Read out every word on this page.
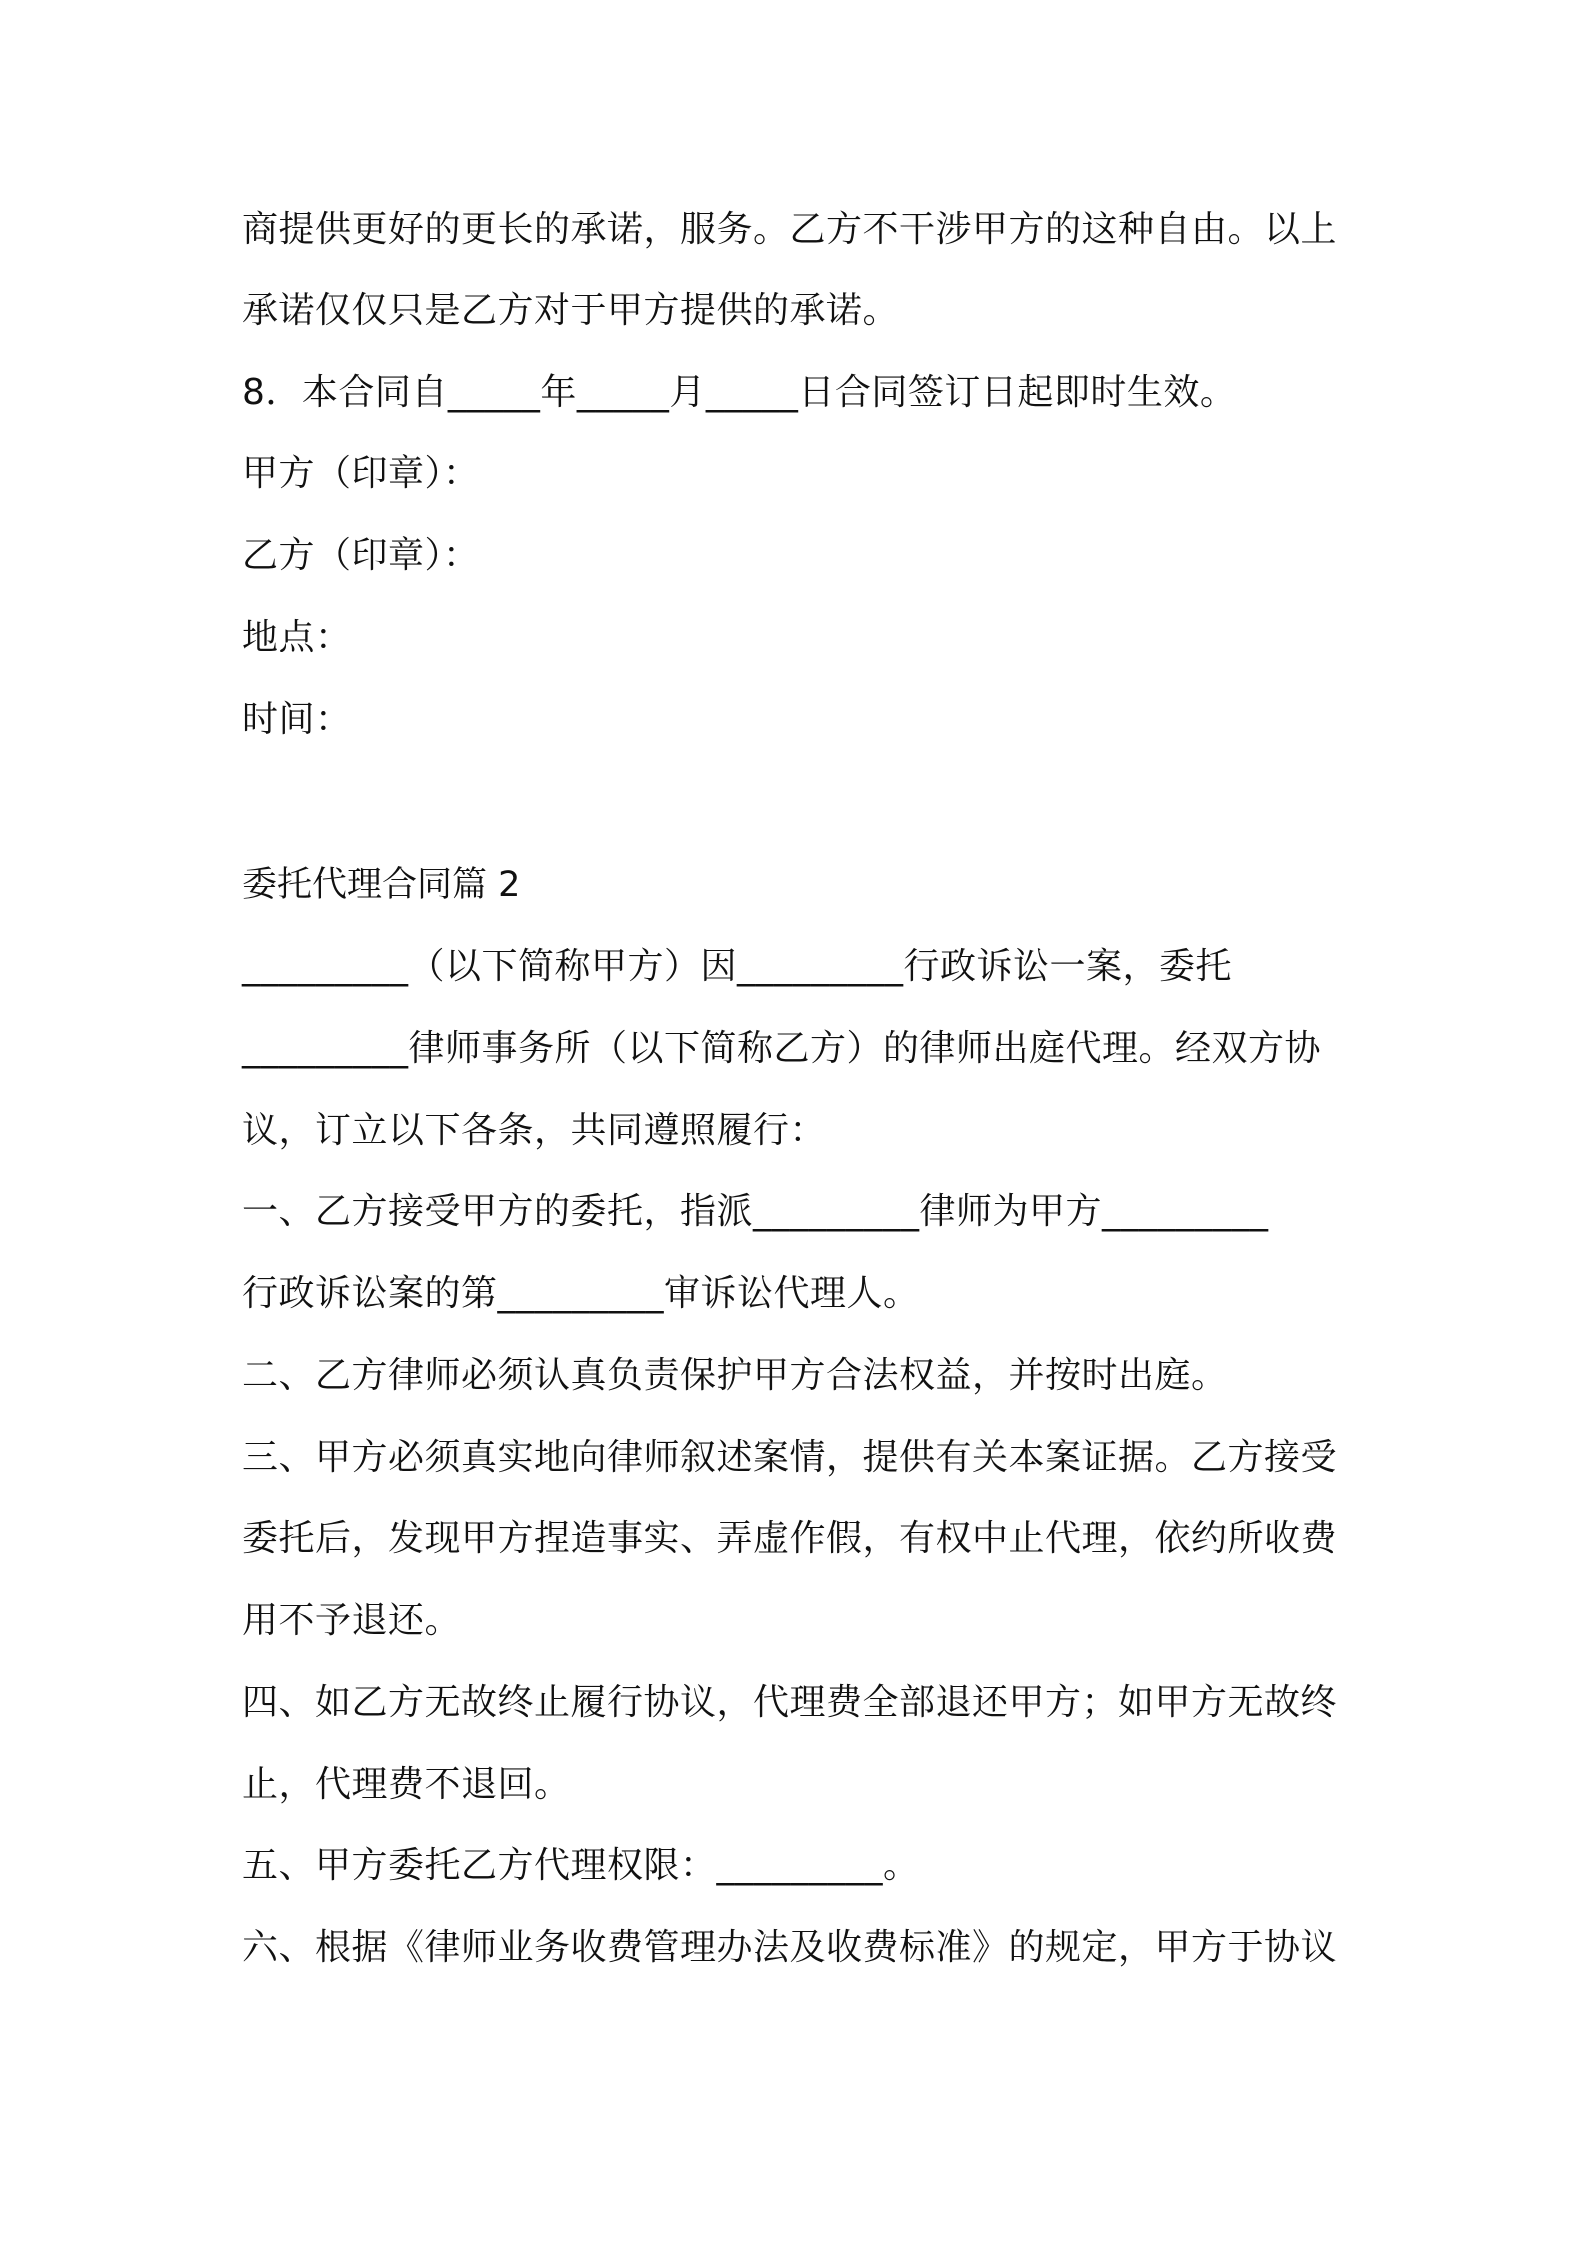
商提供更好的更长的承诺，服务。乙方不干涉甲方的这种自由。以上
承诺仅仅只是乙方对于甲方提供的承诺。
8．本合同自_____年_____月_____日合同签订日起即时生效。
甲方（印章）：
乙方（印章）：
地点：
时间：
委托代理合同篇 2
_________（以下简称甲方）因_________行政诉讼一案，委托
_________律师事务所（以下简称乙方）的律师出庭代理。经双方协
议，订立以下各条，共同遵照履行：
一、乙方接受甲方的委托，指派_________律师为甲方_________
行政诉讼案的第_________审诉讼代理人。
二、乙方律师必须认真负责保护甲方合法权益，并按时出庭。
三、甲方必须真实地向律师叙述案情，提供有关本案证据。乙方接受
委托后，发现甲方捏造事实、弄虚作假，有权中止代理，依约所收费
用不予退还。
四、如乙方无故终止履行协议，代理费全部退还甲方；如甲方无故终
止，代理费不退回。
五、甲方委托乙方代理权限：_________。
六、根据《律师业务收费管理办法及收费标准》的规定，甲方于协议
